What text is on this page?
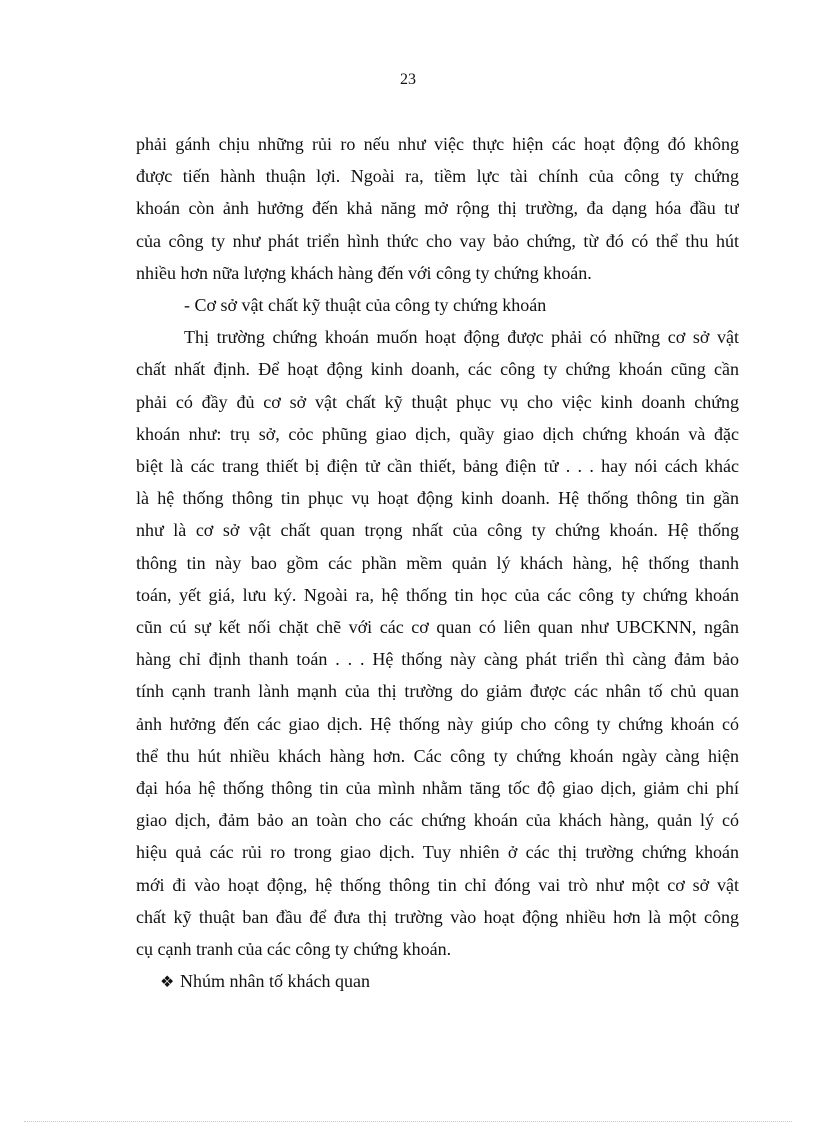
23

phải gánh chịu những rủi ro nếu như việc thực hiện các hoạt động đó không
được tiến hành thuận lợi. Ngoài ra, tiềm lực tài chính của công ty chứng
khoán còn ảnh hưởng đến khả năng mở rộng thị trường, đa dạng hóa đầu tư
của công ty như phát triển hình thức cho vay bảo chứng, từ đó có thể thu hút
nhiều hơn nữa lượng khách hàng đến với công ty chứng khoán.

- Cơ sở vật chất kỹ thuật của công ty chứng khoán

Thị trường chứng khoán muốn hoạt động được phải có những cơ sở vật
chất nhất định. Để hoạt động kinh doanh, các công ty chứng khoán cũng cần
phải có đầy đủ cơ sở vật chất kỹ thuật phục vụ cho việc kinh doanh chứng
khoán như: trụ sở, cỏc phũng giao dịch, quầy giao dịch chứng khoán và đặc
biệt là các trang thiết bị điện tử cần thiết, bảng điện tử . . . hay nói cách khác
là hệ thống thông tin phục vụ hoạt động kinh doanh. Hệ thống thông tin gần
như là cơ sở vật chất quan trọng nhất của công ty chứng khoán. Hệ thống
thông tin này bao gồm các phần mềm quản lý khách hàng, hệ thống thanh
toán, yết giá, lưu ký. Ngoài ra, hệ thống tin học của các công ty chứng khoán
cũn cú sự kết nối chặt chẽ với các cơ quan có liên quan như UBCKNN, ngân
hàng chỉ định thanh toán . . . Hệ thống này càng phát triển thì càng đảm bảo
tính cạnh tranh lành mạnh của thị trường do giảm được các nhân tố chủ quan
ảnh hưởng đến các giao dịch. Hệ thống này giúp cho công ty chứng khoán có
thể thu hút nhiều khách hàng hơn. Các công ty chứng khoán ngày càng hiện
đại hóa hệ thống thông tin của mình nhằm tăng tốc độ giao dịch, giảm chi phí
giao dịch, đảm bảo an toàn cho các chứng khoán của khách hàng, quản lý có
hiệu quả các rủi ro trong giao dịch. Tuy nhiên ở các thị trường chứng khoán
mới đi vào hoạt động, hệ thống thông tin chỉ đóng vai trò như một cơ sở vật
chất kỹ thuật ban đầu để đưa thị trường vào hoạt động nhiều hơn là một công
cụ cạnh tranh của các công ty chứng khoán.

❖ Nhúm nhân tố khách quan
